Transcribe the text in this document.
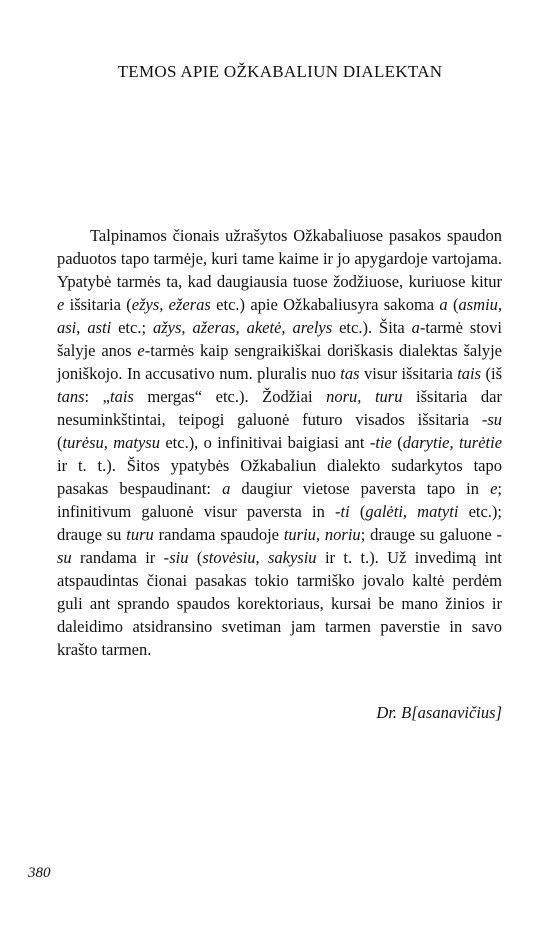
TEMOS APIE OŽKABALIUN DIALEKTAN

Talpinamos čionais užrašytos Ožkabaliuose pasakos spaudon paduotos tapo tarmėje, kuri tame kaime ir jo apygardoje vartojama. Ypatybė tarmės ta, kad daugiausia tuose žodžiuose, kuriuose kitur e išsitaria (ežys, ežeras etc.) apie Ožkabaliusyra sakoma a (asmiu, asi, asti etc.; ažys, ažeras, aketė, arelys etc.). Šita a-tarmė stovi šalyje anos e-tarmės kaip sengraikiškai doriškasis dialektas šalyje joniškojo. In accusativo num. pluralis nuo tas visur išsitaria tais (iš tans: „tais mergas“ etc.). Žodžiai noru, turu išsitaria dar nesuminkštintai, teipogi galuonė futuro visados išsitaria -su (turėsu, matysu etc.), o infinitivai baigiasi ant -tie (darytie, turėtie ir t. t.). Šitos ypatybės Ožkabaliun dialekto sudarkytos tapo pasakas bespaudinant: a daugiur vietose paversta tapo in e; infinitivum galuonė visur paversta in -ti (galėti, matyti etc.); drauge su turu randama spaudoje turiu, noriu; drauge su galuone -su randama ir -siu (stovėsiu, sakysiu ir t. t.). Už invedimą int atspaudintas čionai pasakas tokio tarmiško jovalo kaltė perdėm guli ant sprando spaudos korektoriaus, kursai be mano žinios ir daleidimo atsidransino svetiman jam tarmen paverstie in savo krašto tarmen.

Dr. B[asanavičius]
380
